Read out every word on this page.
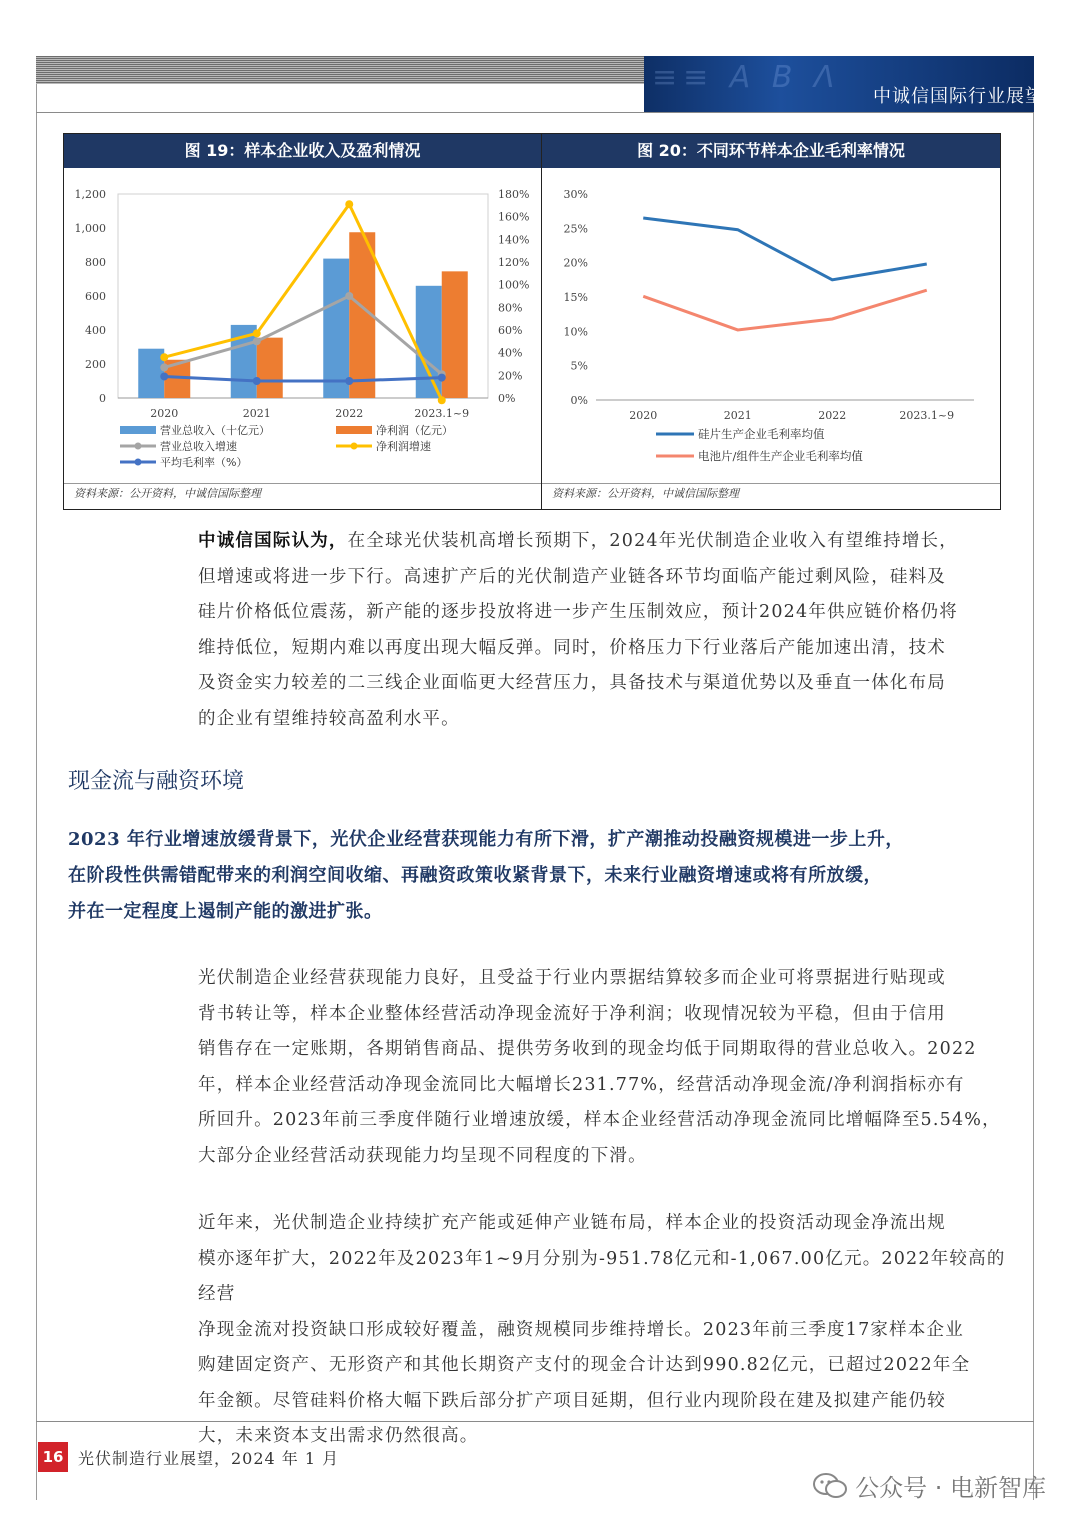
≡≡ Α Β Λ
中诚信国际行业展望
图 19：样本企业收入及盈利情况
0
200
400
600
800
1,000
1,200
0%
20%
40%
60%
80%
100%
120%
140%
160%
180%
2020	2021	2022	2023.1~9
营业总收入（十亿元）	净利润（亿元）
营业总收入增速	净利润增速
平均毛利率（%）
资料来源：公开资料，中诚信国际整理
图 20：不同环节样本企业毛利率情况
0%
5%
10%
15%
20%
25%
30%
2020	2021	2022	2023.1~9
硅片生产企业毛利率均值
电池片/组件生产企业毛利率均值
资料来源：公开资料，中诚信国际整理
中诚信国际认为，在全球光伏装机高增长预期下，2024年光伏制造企业收入有望维持增长，
但增速或将进一步下行。高速扩产后的光伏制造产业链各环节均面临产能过剩风险，硅料及
硅片价格低位震荡，新产能的逐步投放将进一步产生压制效应，预计2024年供应链价格仍将
维持低位，短期内难以再度出现大幅反弹。同时，价格压力下行业落后产能加速出清，技术
及资金实力较差的二三线企业面临更大经营压力，具备技术与渠道优势以及垂直一体化布局
的企业有望维持较高盈利水平。
现金流与融资环境
2023 年行业增速放缓背景下，光伏企业经营获现能力有所下滑，扩产潮推动投融资规模进一步上升，
在阶段性供需错配带来的利润空间收缩、再融资政策收紧背景下，未来行业融资增速或将有所放缓，
并在一定程度上遏制产能的激进扩张。
光伏制造企业经营获现能力良好，且受益于行业内票据结算较多而企业可将票据进行贴现或
背书转让等，样本企业整体经营活动净现金流好于净利润；收现情况较为平稳，但由于信用
销售存在一定账期，各期销售商品、提供劳务收到的现金均低于同期取得的营业总收入。2022
年，样本企业经营活动净现金流同比大幅增长231.77%，经营活动净现金流/净利润指标亦有
所回升。2023年前三季度伴随行业增速放缓，样本企业经营活动净现金流同比增幅降至5.54%，
大部分企业经营活动获现能力均呈现不同程度的下滑。
近年来，光伏制造企业持续扩充产能或延伸产业链布局，样本企业的投资活动现金净流出规
模亦逐年扩大，2022年及2023年1~9月分别为-951.78亿元和-1,067.00亿元。2022年较高的经营
净现金流对投资缺口形成较好覆盖，融资规模同步维持增长。2023年前三季度17家样本企业
购建固定资产、无形资产和其他长期资产支付的现金合计达到990.82亿元，已超过2022年全
年金额。尽管硅料价格大幅下跌后部分扩产项目延期，但行业内现阶段在建及拟建产能仍较
大，未来资本支出需求仍然很高。
16 光伏制造行业展望，2024 年 1 月
公众号 · 电新智库
